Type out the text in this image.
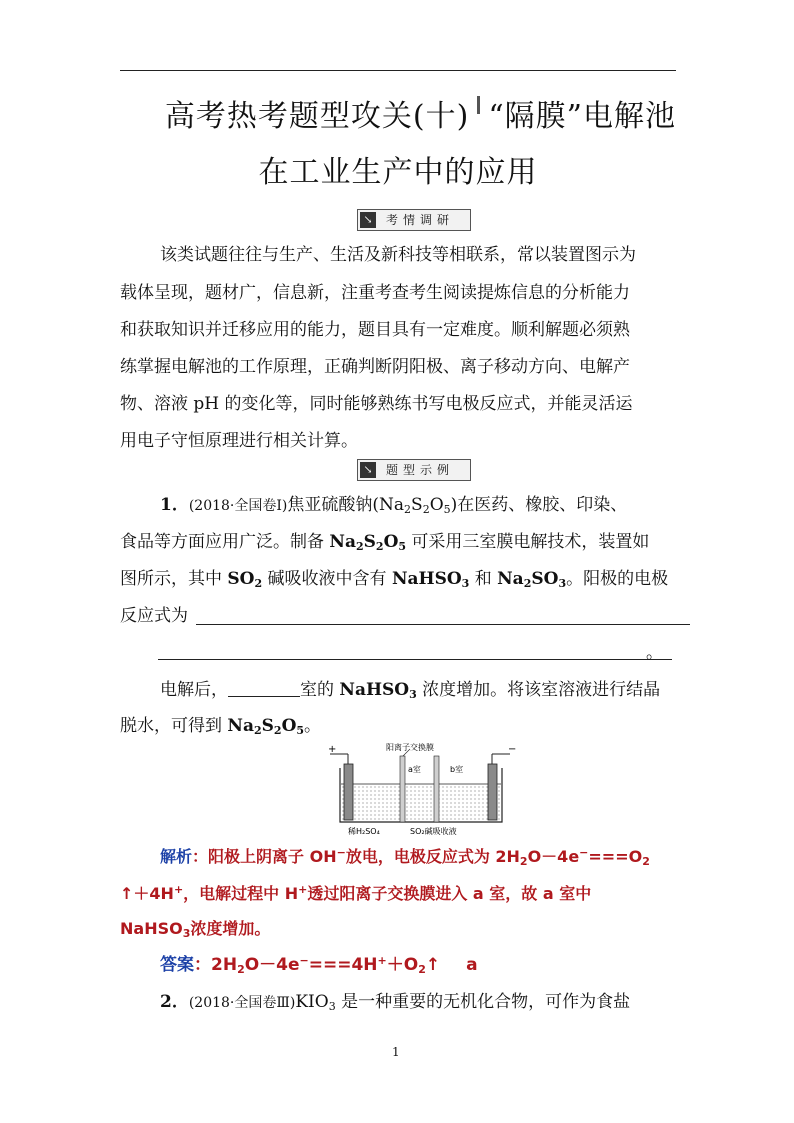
高考热考题型攻关(十) “隔膜”电解池
在工业生产中的应用
↘ 考情调研
该类试题往往与生产、生活及新科技等相联系，常以装置图示为
载体呈现，题材广，信息新，注重考查考生阅读提炼信息的分析能力
和获取知识并迁移应用的能力，题目具有一定难度。顺利解题必须熟
练掌握电解池的工作原理，正确判断阴阳极、离子移动方向、电解产
物、溶液 pH 的变化等，同时能够熟练书写电极反应式，并能灵活运
用电子守恒原理进行相关计算。
↘ 题型示例
1．(2018·全国卷Ⅰ)焦亚硫酸钠$(Na_2S_2O_5)$在医药、橡胶、印染、
食品等方面应用广泛。制备 $Na_2S_2O_5$ 可采用三室膜电解技术，装置如
图所示，其中 $SO_2$ 碱吸收液中含有 NaHSO$_3$ 和 $Na_2SO_3$。阳极的电极
反应式为
。
电解后，	室的 NaHSO$_3$ 浓度增加。将该室溶液进行结晶
脱水，可得到 $Na_2S_2O_5$。
+	−
阳离子交换膜
a室	b室
稀H₂SO₄	SO₂碱吸收液
解析：阳极上阴离子 OH−放电，电极反应式为 $2H_2O-4e^-===O_2$
↑＋4H+，电解过程中 H+透过阳离子交换膜进入 a 室，故 a 室中
NaHSO$_3$浓度增加。
答案：$2H_2O-4e^-===4H^++O_2↑$ a
2．(2018·全国卷$Ⅲ)KIO_3$ 是一种重要的无机化合物，可作为食盐
1
